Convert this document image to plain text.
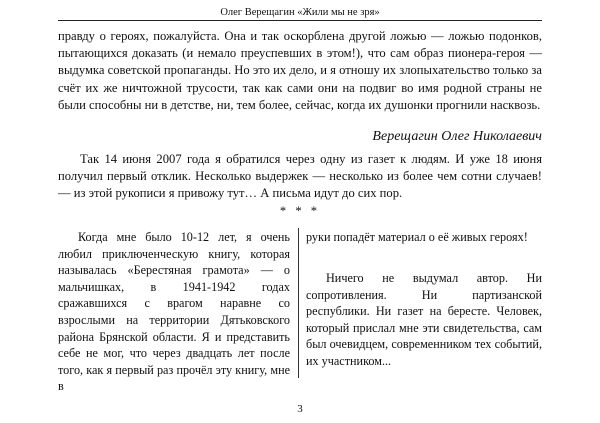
Олег Верещагин «Жили мы не зря»

правду о героях, пожалуйста. Она и так оскорблена другой ложью — ложью подонков, пытающихся доказать (и немало преуспевших в этом!), что сам образ пионера-героя — выдумка советской пропаганды. Но это их дело, и я отношу их злопыхательство только за счёт их же ничтожной трусости, так как сами они на подвиг во имя родной страны не были способны ни в детстве, ни, тем более, сейчас, когда их душонки прогнили насквозь.

Верещагин Олег Николаевич

Так 14 июня 2007 года я обратился через одну из газет к людям. И уже 18 июня получил первый отклик. Несколько выдержек — несколько из более чем сотни случаев! — из этой рукописи я привожу тут… А письма идут до сих пор.

* * *

Когда мне было 10-12 лет, я очень любил приключенческую книгу, которая называлась «Берестяная грамота» — о мальчишках, в 1941-1942 годах сражавшихся с врагом наравне со взрослыми на территории Дятьковского района Брянской области. Я и представить себе не мог, что через двадцать лет после того, как я первый раз прочёл эту книгу, мне в

руки попадёт материал о её живых героях!

Ничего не выдумал автор. Ни сопротивления. Ни партизанской республики. Ни газет на бересте. Человек, который прислал мне эти свидетельства, сам был очевидцем, современником тех событий, их участником...

3
